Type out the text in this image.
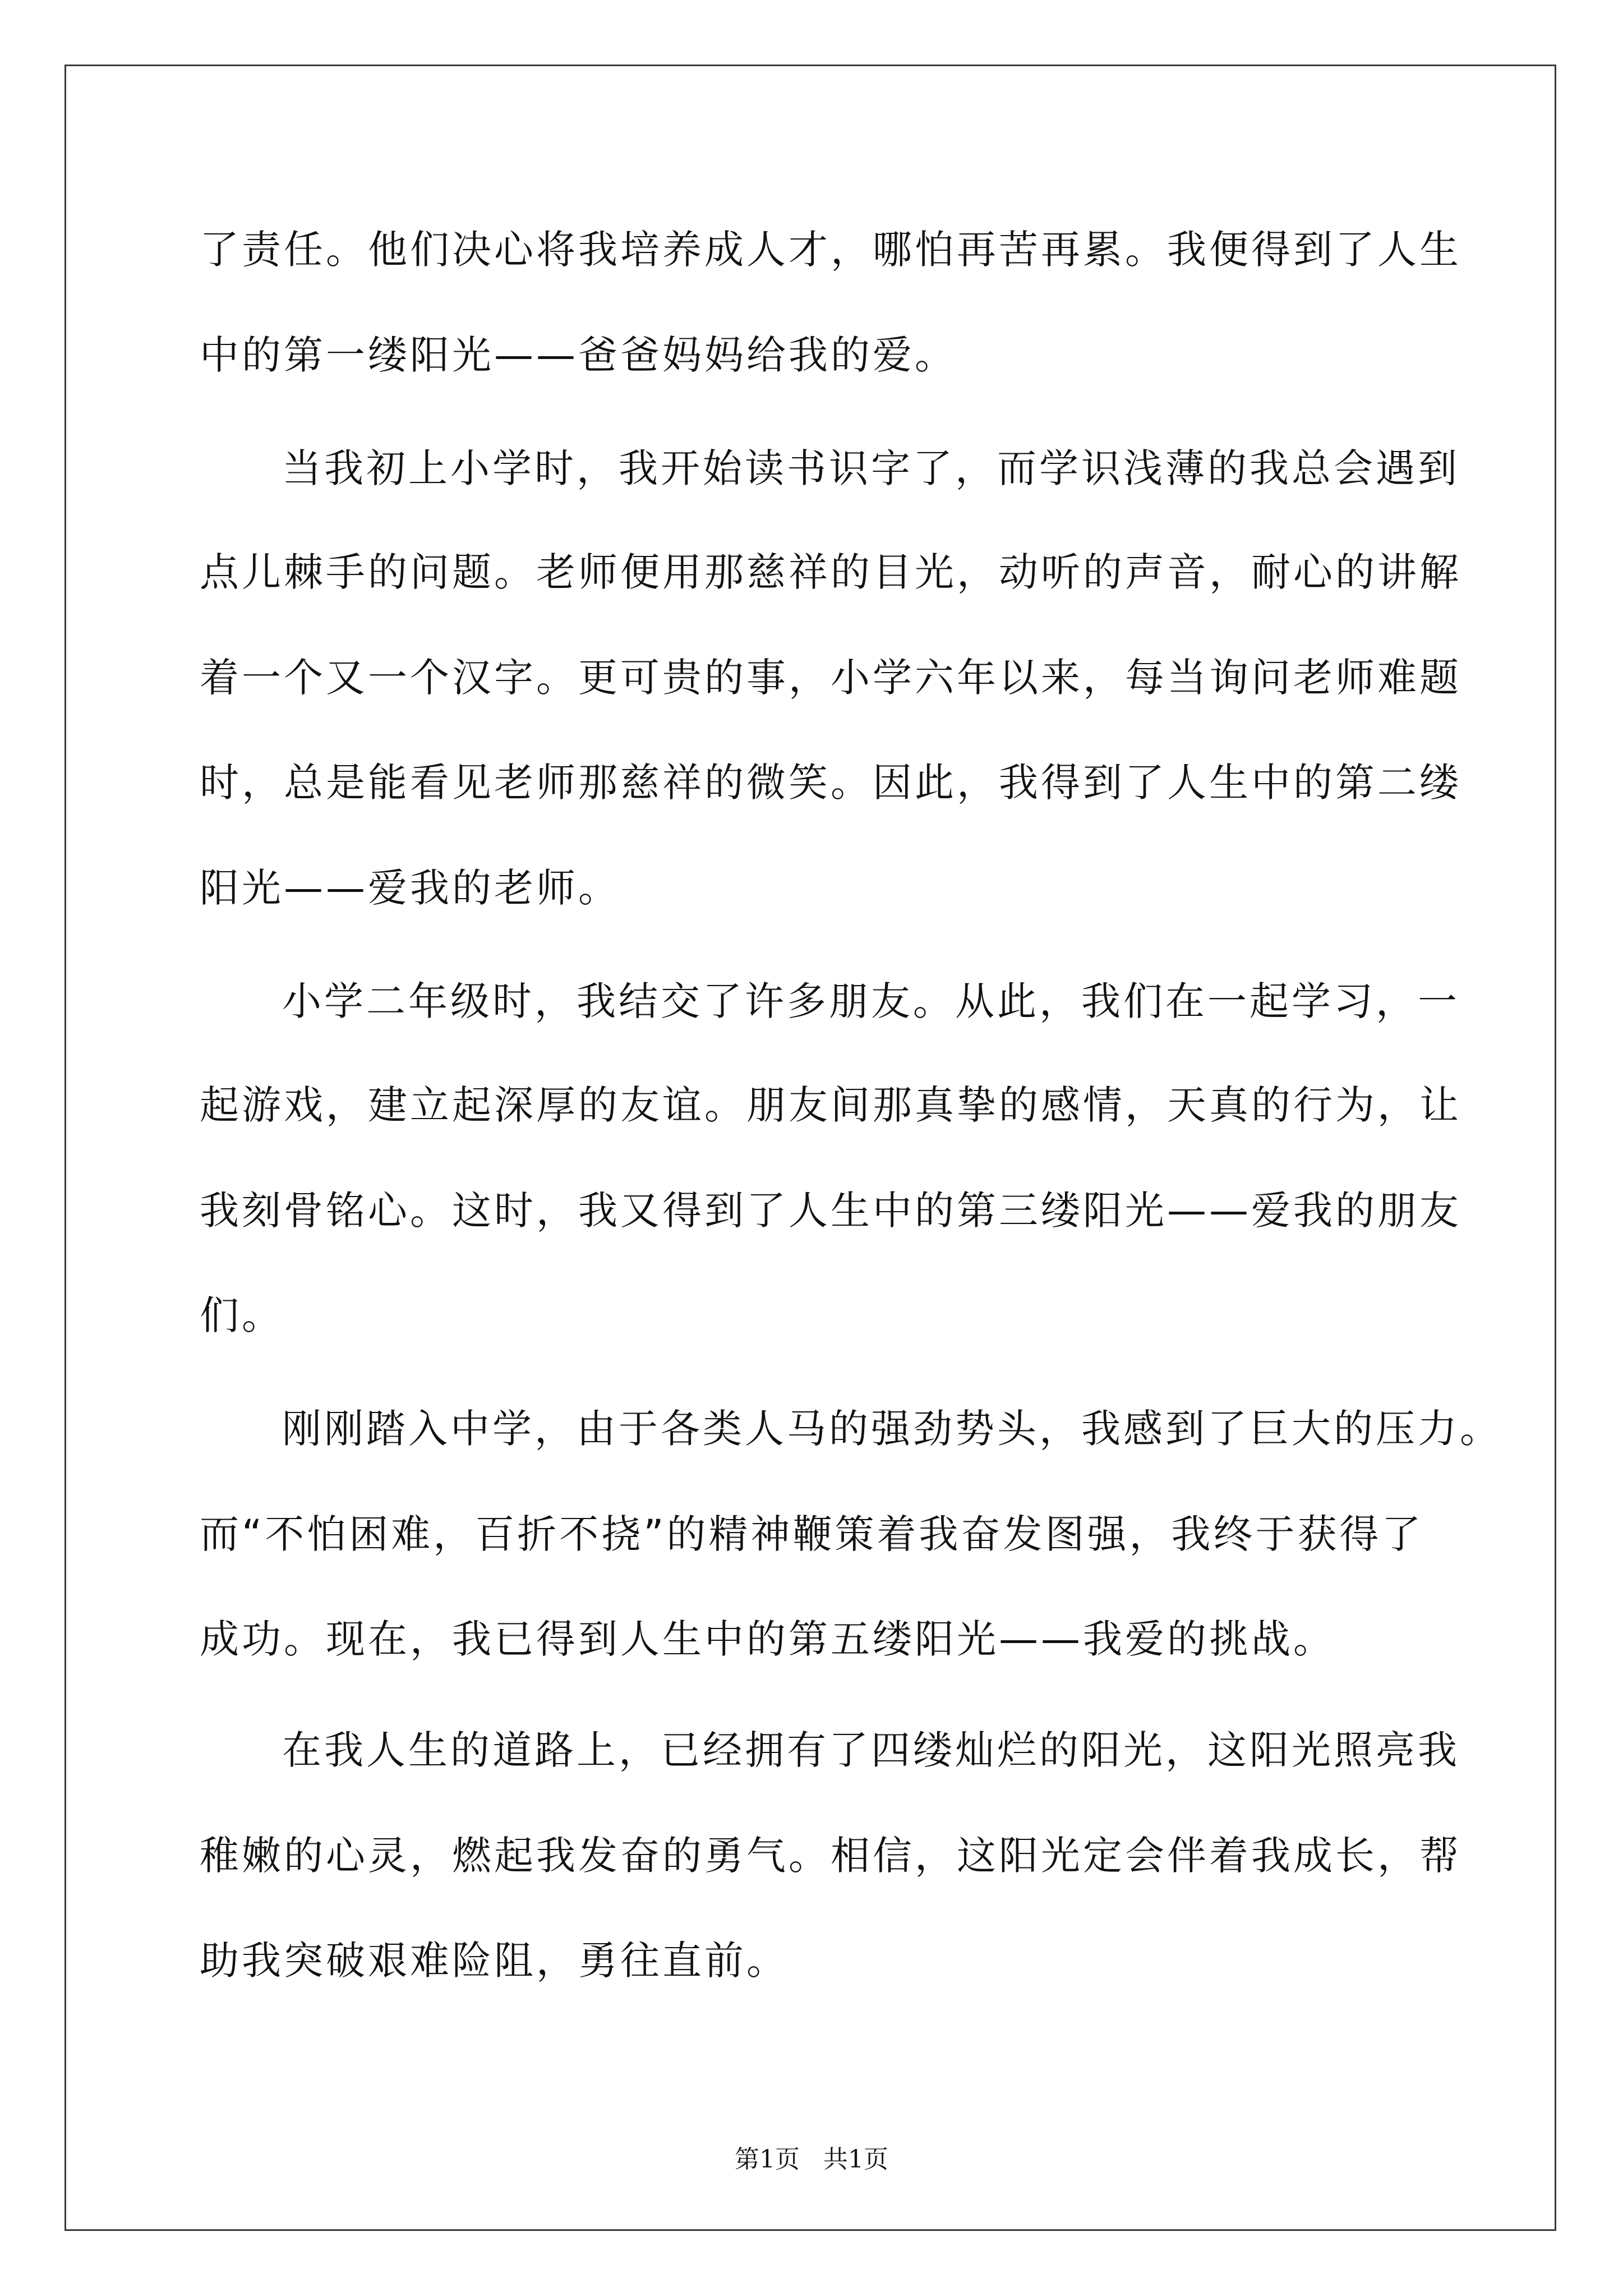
了责任。他们决心将我培养成人才，哪怕再苦再累。我便得到了人生
中的第一缕阳光——爸爸妈妈给我的爱。
当我初上小学时，我开始读书识字了，而学识浅薄的我总会遇到
点儿棘手的问题。老师便用那慈祥的目光，动听的声音，耐心的讲解
着一个又一个汉字。更可贵的事，小学六年以来，每当询问老师难题
时，总是能看见老师那慈祥的微笑。因此，我得到了人生中的第二缕
阳光——爱我的老师。
小学二年级时，我结交了许多朋友。从此，我们在一起学习，一
起游戏，建立起深厚的友谊。朋友间那真挚的感情，天真的行为，让
我刻骨铭心。这时，我又得到了人生中的第三缕阳光——爱我的朋友
们。
刚刚踏入中学，由于各类人马的强劲势头，我感到了巨大的压力。
而“不怕困难，百折不挠”的精神鞭策着我奋发图强，我终于获得了
成功。现在，我已得到人生中的第五缕阳光——我爱的挑战。
在我人生的道路上，已经拥有了四缕灿烂的阳光，这阳光照亮我
稚嫩的心灵，燃起我发奋的勇气。相信，这阳光定会伴着我成长，帮
助我突破艰难险阻，勇往直前。
第1页   共1页
